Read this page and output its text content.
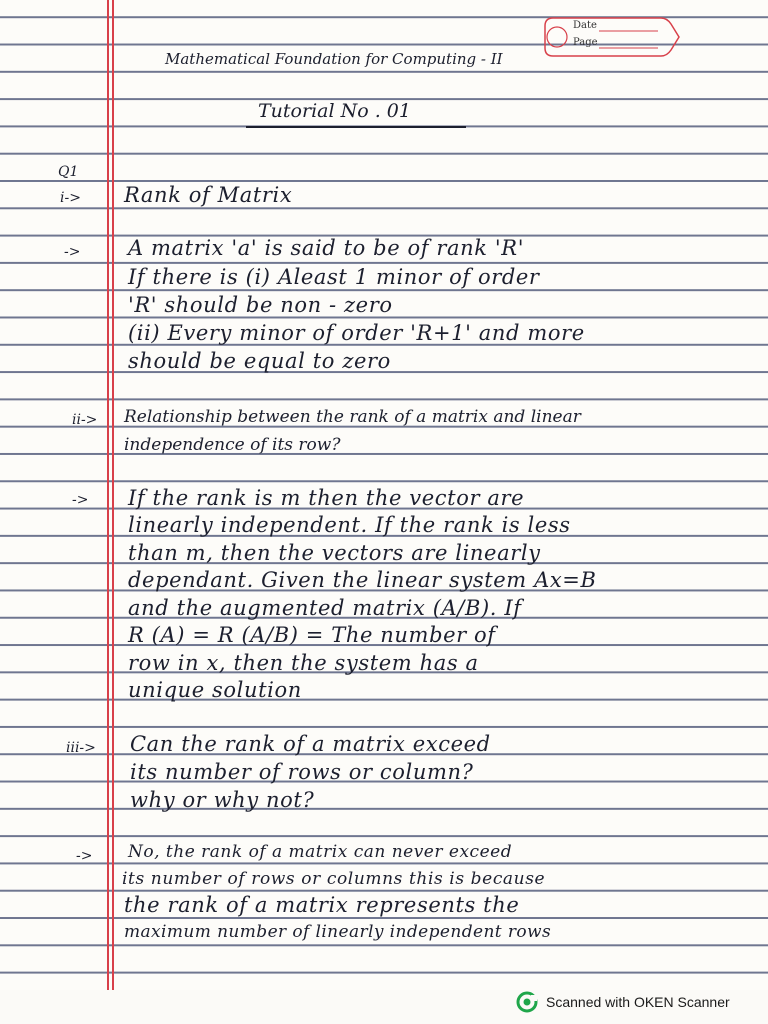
Date
Page
Mathematical Foundation for Computing - II
Tutorial No . 01
Q1
i-> Rank of Matrix
-> A matrix 'a' is said to be of rank 'R'
If there is (i) Aleast 1 minor of order
'R' should be non - zero
(ii) Every minor of order 'R+1' and more
should be equal to zero
ii-> Relationship between the rank of a matrix and linear
independence of its row?
-> If the rank is m then the vector are
linearly independent. If the rank is less
than m, then the vectors are linearly
dependant. Given the linear system Ax=B
and the augmented matrix (A/B). If
R (A) = R (A/B) = The number of
row in x, then the system has a
unique solution
iii-> Can the rank of a matrix exceed
its number of rows or column?
why or why not?
-> No, the rank of a matrix can never exceed
its number of rows or columns this is because
the rank of a matrix represents the
maximum number of linearly independent rows
Scanned with OKEN Scanner
